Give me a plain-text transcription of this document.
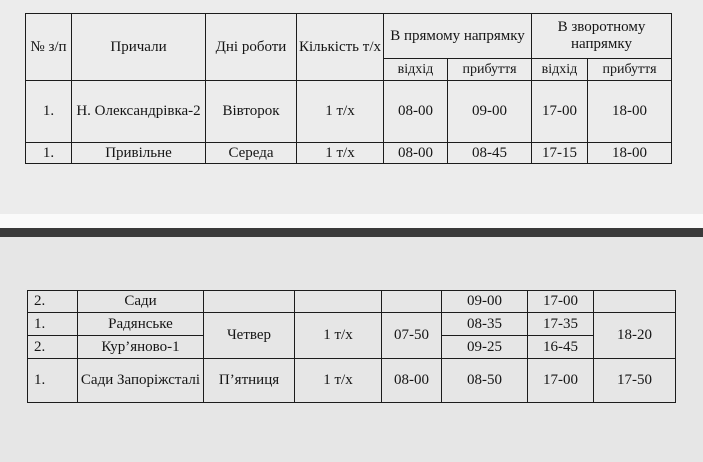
№ з/п	Причали	Дні роботи	Кількість т/х	В прямому напрямку		В зворотному напрямку	
				відхід	прибуття	відхід	прибуття
1.	Н. Олександрівка-2	Вівторок	1 т/х	08-00	09-00	17-00	18-00
1.	Привільне	Середа	1 т/х	08-00	08-45	17-15	18-00
2.	Сади				09-00	17-00	
1.	Радянське	Четвер	1 т/х	07-50	08-35	17-35	18-20
2.	Кур’яново-1				09-25	16-45	
1.	Сади Запоріжсталі	П’ятниця	1 т/х	08-00	08-50	17-00	17-50
